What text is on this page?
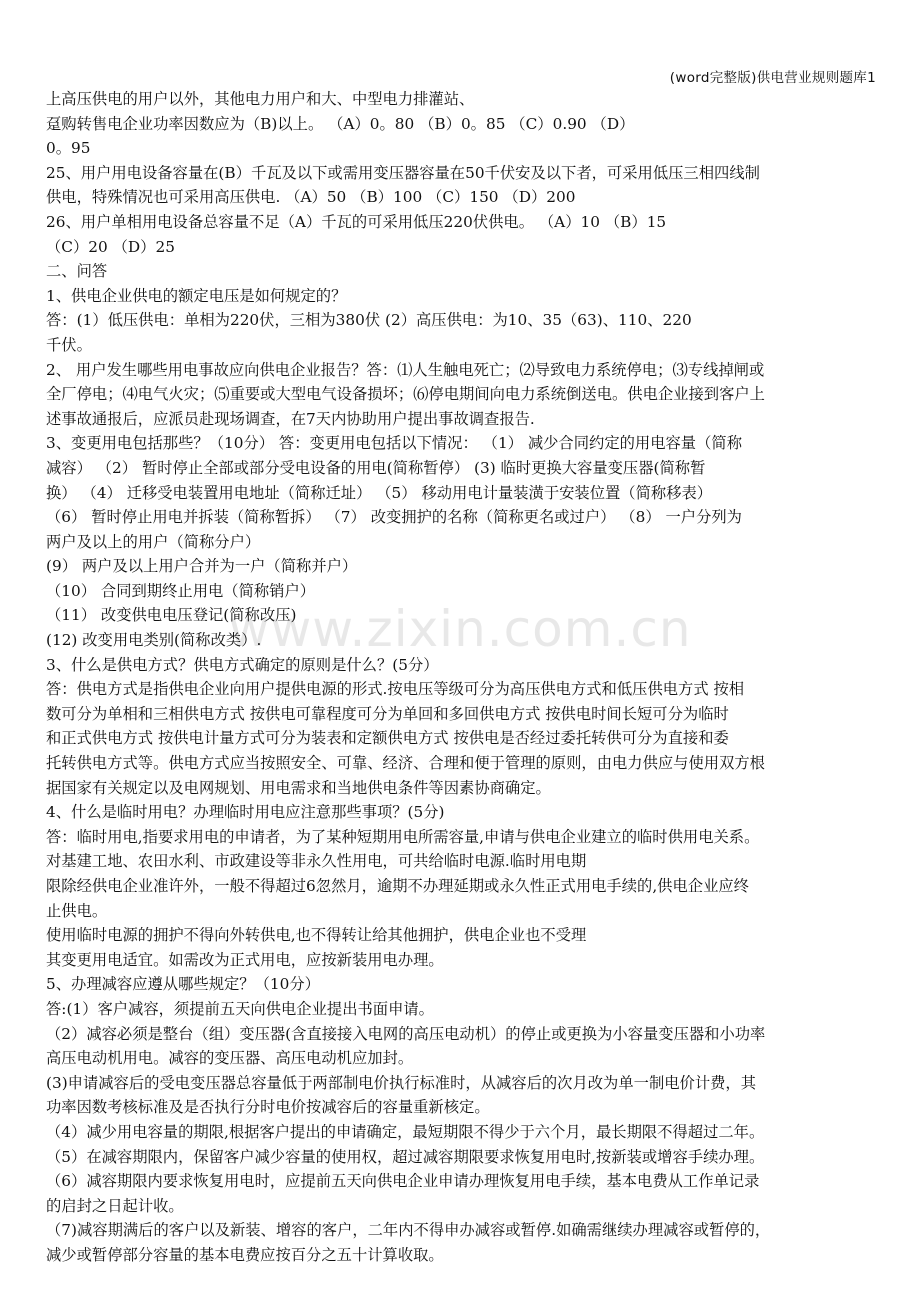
(word完整版)供电营业规则题库1
www.zixin.com.cn
上高压供电的用户以外，其他电力用户和大、中型电力排灌站、
趸购转售电企业功率因数应为（B)以上。 （A）0。80 （B）0。85 （C）0.90 （D）
0。95
25、用户用电设备容量在(B）千瓦及以下或需用变压器容量在50千伏安及以下者，可采用低压三相四线制
供电，特殊情况也可采用高压供电. （A）50 （B）100 （C）150 （D）200
26、用户单相用电设备总容量不足（A）千瓦的可采用低压220伏供电。 （A）10 （B）15
（C）20 （D）25
二、问答
1、供电企业供电的额定电压是如何规定的？
答：(1）低压供电：单相为220伏，三相为380伏 (2）高压供电：为10、35（63)、110、220
千伏。
2、 用户发生哪些用电事故应向供电企业报告？答：⑴人生触电死亡；⑵导致电力系统停电；⑶专线掉闸或
全厂停电；⑷电气火灾；⑸重要或大型电气设备损坏；⑹停电期间向电力系统倒送电。供电企业接到客户上
述事故通报后，应派员赴现场调查，在7天内协助用户提出事故调查报告.
3、变更用电包括那些？（10分） 答：变更用电包括以下情况： （1） 减少合同约定的用电容量（简称
减容） （2） 暂时停止全部或部分受电设备的用电(简称暂停） (3) 临时更换大容量变压器(简称暂
换） （4） 迁移受电装置用电地址（简称迁址） （5） 移动用电计量装潢于安装位置（简称移表）
（6） 暂时停止用电并拆装（简称暂拆） （7） 改变拥护的名称（简称更名或过户） （8） 一户分列为
两户及以上的用户（简称分户）
(9） 两户及以上用户合并为一户（简称并户）
（10） 合同到期终止用电（简称销户）
（11） 改变供电电压登记(简称改压)
(12) 改变用电类别(简称改类）.
3、什么是供电方式？供电方式确定的原则是什么？(5分）
答：供电方式是指供电企业向用户提供电源的形式.按电压等级可分为高压供电方式和低压供电方式 按相
数可分为单相和三相供电方式 按供电可靠程度可分为单回和多回供电方式 按供电时间长短可分为临时
和正式供电方式 按供电计量方式可分为装表和定额供电方式 按供电是否经过委托转供可分为直接和委
托转供电方式等。供电方式应当按照安全、可靠、经济、合理和便于管理的原则，由电力供应与使用双方根
据国家有关规定以及电网规划、用电需求和当地供电条件等因素协商确定。
4、什么是临时用电？办理临时用电应注意那些事项？(5分)
答：临时用电,指要求用电的申请者，为了某种短期用电所需容量,申请与供电企业建立的临时供用电关系。
对基建工地、农田水利、市政建设等非永久性用电，可共给临时电源.临时用电期
限除经供电企业准许外，一般不得超过6忽然月，逾期不办理延期或永久性正式用电手续的,供电企业应终
止供电。
使用临时电源的拥护不得向外转供电,也不得转让给其他拥护，供电企业也不受理
其变更用电适宜。如需改为正式用电，应按新装用电办理。
5、办理减容应遵从哪些规定？（10分）
答:(1）客户减容，须提前五天向供电企业提出书面申请。
（2）减容必须是整台（组）变压器(含直接接入电网的高压电动机）的停止或更换为小容量变压器和小功率
高压电动机用电。减容的变压器、高压电动机应加封。
(3)申请减容后的受电变压器总容量低于两部制电价执行标准时，从减容后的次月改为单一制电价计费，其
功率因数考核标准及是否执行分时电价按减容后的容量重新核定。
（4）减少用电容量的期限,根据客户提出的申请确定，最短期限不得少于六个月，最长期限不得超过二年。
（5）在减容期限内，保留客户减少容量的使用权，超过减容期限要求恢复用电时,按新装或增容手续办理。
（6）减容期限内要求恢复用电时，应提前五天向供电企业申请办理恢复用电手续，基本电费从工作单记录
的启封之日起计收。
（7)减容期满后的客户以及新装、增容的客户，二年内不得申办减容或暂停.如确需继续办理减容或暂停的，
减少或暂停部分容量的基本电费应按百分之五十计算收取。
